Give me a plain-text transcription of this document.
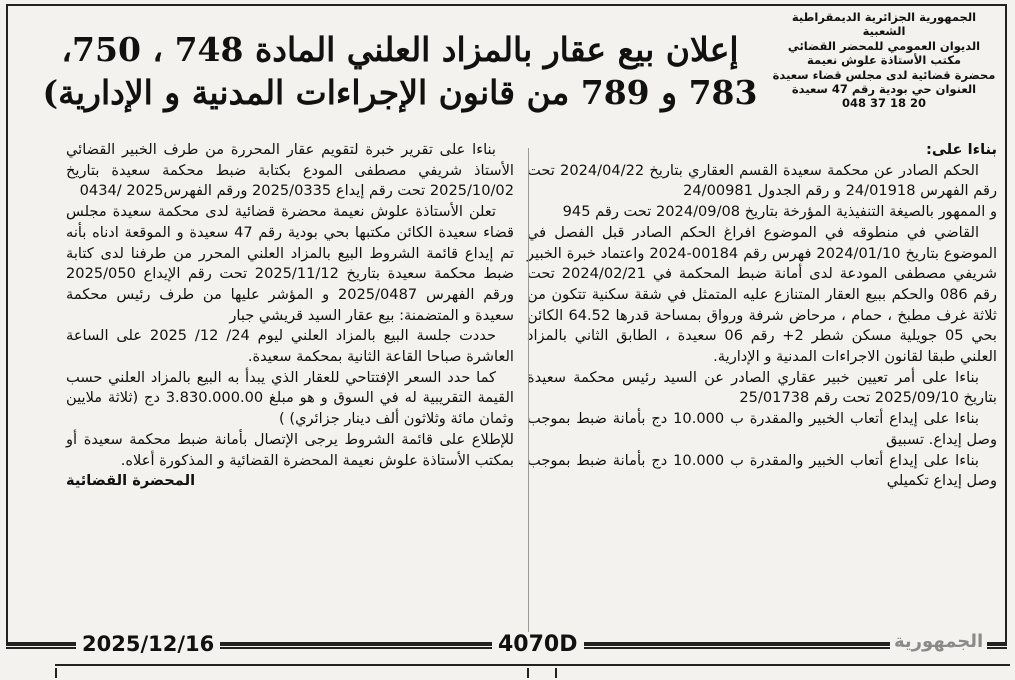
الجمهورية الجزائرية الديمقراطية الشعبية
الديوان العمومي للمحضر القضائي
مكتب الأستاذة علوش نعيمة
محضرة قضائية لدى مجلس قضاء سعيدة
العنوان حي بودية رقم 47 سعيدة
048 37 18 20
إعلان بيع عقار بالمزاد العلني المادة 748 ، 750،
783 و 789 من قانون الإجراءات المدنية و الإدارية)

بناءا على:

الحكم الصادر عن محكمة سعيدة القسم العقاري بتاريخ 2024/04/22 تحت رقم الفهرس 24/01918 و رقم الجدول 24/00981

و الممهور بالصيغة التنفيذية المؤرخة بتاريخ 2024/09/08 تحت رقم 945

القاضي في منطوقه في الموضوع افراغ الحكم الصادر قبل الفصل في الموضوع بتاريخ 2024/01/10 فهرس رقم 00184-2024 واعتماد خبرة الخبير شريفي مصطفى المودعة لدى أمانة ضبط المحكمة في 2024/02/21 تحت رقم 086 والحكم ببيع العقار المتنازع عليه المتمثل في شقة سكنية تتكون من ثلاثة غرف مطبخ ، حمام ، مرحاض شرفة ورواق بمساحة قدرها 64.52 الكائن بحي 05 جويلية مسكن شطر 2+ رقم 06 سعيدة ، الطابق الثاني بالمزاد العلني طبقا لقانون الاجراءات المدنية و الإدارية.

بناءا على أمر تعيين خبير عقاري الصادر عن السيد رئيس محكمة سعيدة بتاريخ 2025/09/10 تحت رقم 25/01738

بناءا على إيداع أتعاب الخبير والمقدرة ب 10.000 دج بأمانة ضبط بموجب وصل إيداع. تسبيق

بناءا على إيداع أتعاب الخبير والمقدرة ب 10.000 دج بأمانة ضبط بموجب وصل إيداع تكميلي

بناءا على تقرير خبرة لتقويم عقار المحررة من طرف الخبير القضائي الأستاذ شريفي مصطفى المودع بكتابة ضبط محكمة سعيدة بتاريخ 2025/10/02 تحت رقم إيداع 2025/0335 ورقم الفهرس2025 /0434

تعلن الأستاذة علوش نعيمة محضرة قضائية لدى محكمة سعيدة مجلس قضاء سعيدة الكائن مكتبها بحي بودية رقم 47 سعيدة و الموقعة ادناه بأنه تم إيداع قائمة الشروط البيع بالمزاد العلني المحرر من طرفنا لدى كتابة ضبط محكمة سعيدة بتاريخ 2025/11/12 تحت رقم الإيداع 2025/050 ورقم الفهرس 2025/0487 و المؤشر عليها من طرف رئيس محكمة سعيدة و المتضمنة: بيع عقار السيد قريشي جبار

حددت جلسة البيع بالمزاد العلني ليوم 24/ 12/ 2025 على الساعة العاشرة صباحا القاعة الثانية بمحكمة سعيدة.

كما حدد السعر الإفتتاحي للعقار الذي يبدأ به البيع بالمزاد العلني حسب القيمة التقريبية له في السوق و هو مبلغ 3.830.000.00 دج (ثلاثة ملايين وثمان مائة وثلاثون ألف دينار جزائري) )

للإطلاع على قائمة الشروط يرجى الإتصال بأمانة ضبط محكمة سعيدة أو بمكتب الأستاذة علوش نعيمة المحضرة القضائية و المذكورة أعلاه.

المحضرة القضائية

2025/12/16	4070D	الجمهورية
